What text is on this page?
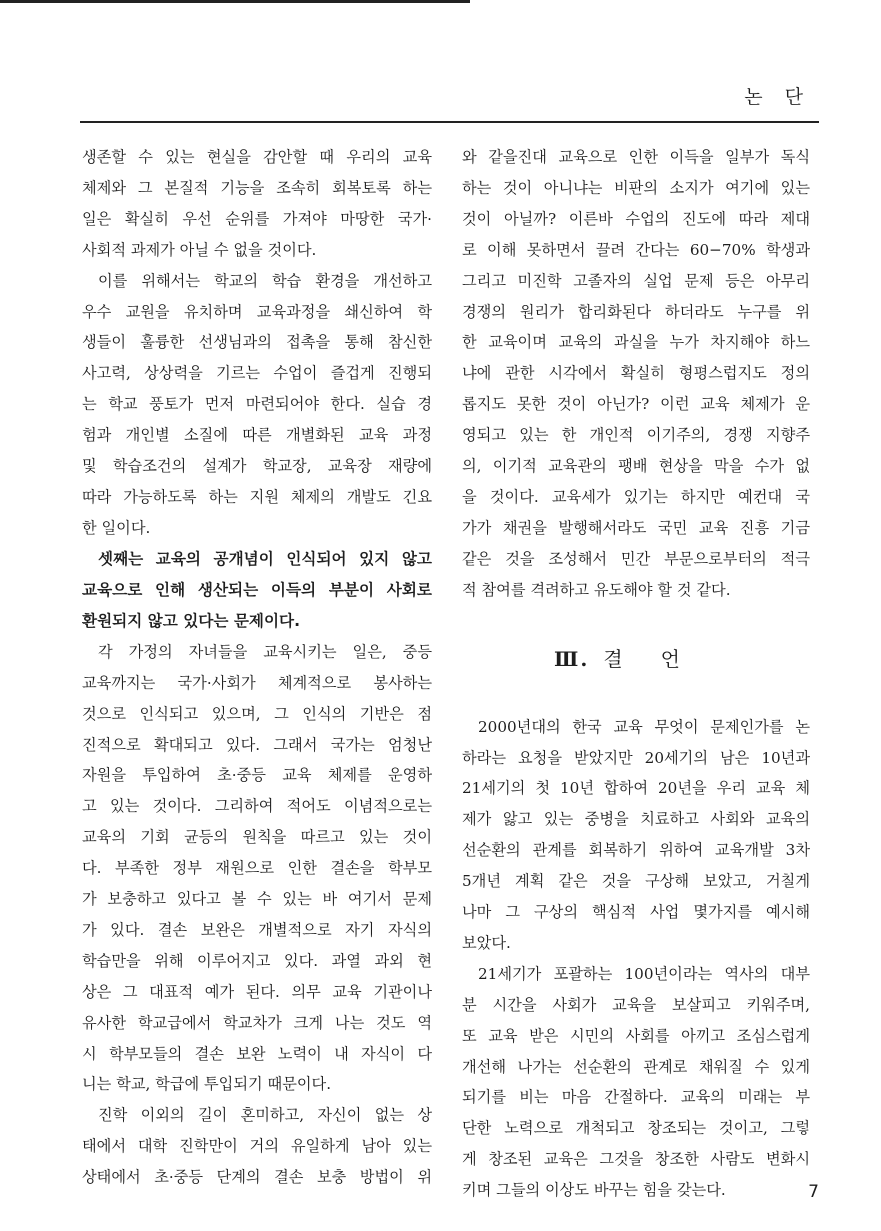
논 단
생존할 수 있는 현실을 감안할 때 우리의 교육
체제와 그 본질적 기능을 조속히 회복토록 하는
일은 확실히 우선 순위를 가져야 마땅한 국가·
사회적 과제가 아닐 수 없을 것이다.
이를 위해서는 학교의 학습 환경을 개선하고
우수 교원을 유치하며 교육과정을 쇄신하여 학
생들이 훌륭한 선생님과의 접촉을 통해 참신한
사고력, 상상력을 기르는 수업이 즐겁게 진행되
는 학교 풍토가 먼저 마련되어야 한다. 실습 경
험과 개인별 소질에 따른 개별화된 교육 과정
및 학습조건의 설계가 학교장, 교육장 재량에
따라 가능하도록 하는 지원 체제의 개발도 긴요
한 일이다.
셋째는 교육의 공개념이 인식되어 있지 않고
교육으로 인해 생산되는 이득의 부분이 사회로
환원되지 않고 있다는 문제이다.
각 가정의 자녀들을 교육시키는 일은, 중등
교육까지는 국가·사회가 체계적으로 봉사하는
것으로 인식되고 있으며, 그 인식의 기반은 점
진적으로 확대되고 있다. 그래서 국가는 엄청난
자원을 투입하여 초·중등 교육 체제를 운영하
고 있는 것이다. 그리하여 적어도 이념적으로는
교육의 기회 균등의 원칙을 따르고 있는 것이
다. 부족한 정부 재원으로 인한 결손을 학부모
가 보충하고 있다고 볼 수 있는 바 여기서 문제
가 있다. 결손 보완은 개별적으로 자기 자식의
학습만을 위해 이루어지고 있다. 과열 과외 현
상은 그 대표적 예가 된다. 의무 교육 기관이나
유사한 학교급에서 학교차가 크게 나는 것도 역
시 학부모들의 결손 보완 노력이 내 자식이 다
니는 학교, 학급에 투입되기 때문이다.
진학 이외의 길이 혼미하고, 자신이 없는 상
태에서 대학 진학만이 거의 유일하게 남아 있는
상태에서 초·중등 단계의 결손 보충 방법이 위
와 같을진대 교육으로 인한 이득을 일부가 독식
하는 것이 아니냐는 비판의 소지가 여기에 있는
것이 아닐까? 이른바 수업의 진도에 따라 제대
로 이해 못하면서 끌려 간다는 60−70% 학생과
그리고 미진학 고졸자의 실업 문제 등은 아무리
경쟁의 원리가 합리화된다 하더라도 누구를 위
한 교육이며 교육의 과실을 누가 차지해야 하느
냐에 관한 시각에서 확실히 형평스럽지도 정의
롭지도 못한 것이 아닌가? 이런 교육 체제가 운
영되고 있는 한 개인적 이기주의, 경쟁 지향주
의, 이기적 교육관의 팽배 현상을 막을 수가 없
을 것이다. 교육세가 있기는 하지만 예컨대 국
가가 채권을 발행해서라도 국민 교육 진흥 기금
같은 것을 조성해서 민간 부문으로부터의 적극
적 참여를 격려하고 유도해야 할 것 같다.
Ⅲ. 결언
2000년대의 한국 교육 무엇이 문제인가를 논
하라는 요청을 받았지만 20세기의 남은 10년과
21세기의 첫 10년 합하여 20년을 우리 교육 체
제가 앓고 있는 중병을 치료하고 사회와 교육의
선순환의 관계를 회복하기 위하여 교육개발 3차
5개년 계획 같은 것을 구상해 보았고, 거칠게
나마 그 구상의 핵심적 사업 몇가지를 예시해
보았다.
21세기가 포괄하는 100년이라는 역사의 대부
분 시간을 사회가 교육을 보살피고 키워주며,
또 교육 받은 시민의 사회를 아끼고 조심스럽게
개선해 나가는 선순환의 관계로 채워질 수 있게
되기를 비는 마음 간절하다. 교육의 미래는 부
단한 노력으로 개척되고 창조되는 것이고, 그렇
게 창조된 교육은 그것을 창조한 사람도 변화시
키며 그들의 이상도 바꾸는 힘을 갖는다.	7
